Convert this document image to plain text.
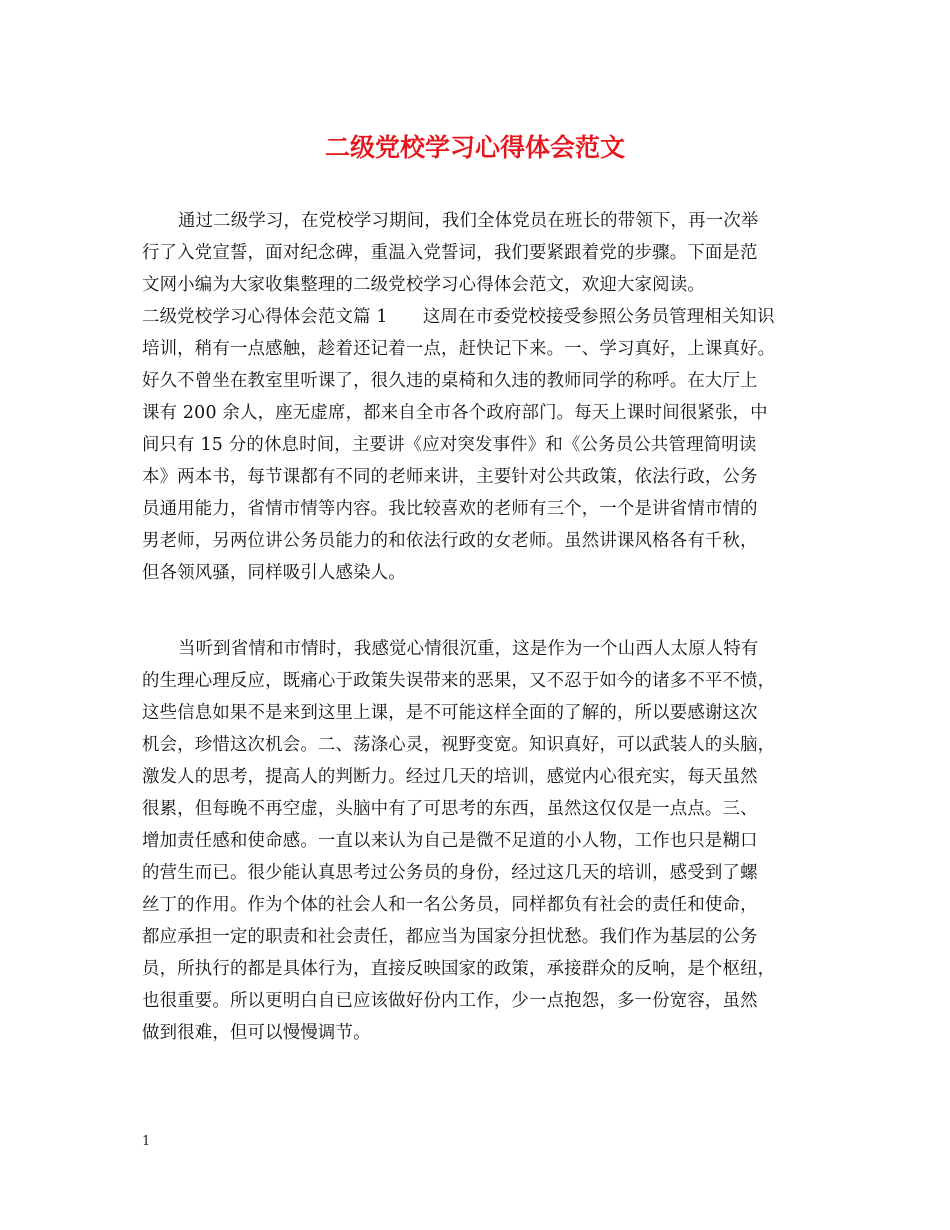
二级党校学习心得体会范文
通过二级学习，在党校学习期间，我们全体党员在班长的带领下，再一次举
行了入党宣誓，面对纪念碑，重温入党誓词，我们要紧跟着党的步骤。下面是范
文网小编为大家收集整理的二级党校学习心得体会范文，欢迎大家阅读。
二级党校学习心得体会范文篇 1　　这周在市委党校接受参照公务员管理相关知识
培训，稍有一点感触，趁着还记着一点，赶快记下来。一、学习真好，上课真好。
好久不曾坐在教室里听课了，很久违的桌椅和久违的教师同学的称呼。在大厅上
课有 200 余人，座无虚席，都来自全市各个政府部门。每天上课时间很紧张，中
间只有 15 分的休息时间，主要讲《应对突发事件》和《公务员公共管理简明读
本》两本书，每节课都有不同的老师来讲，主要针对公共政策，依法行政，公务
员通用能力，省情市情等内容。我比较喜欢的老师有三个，一个是讲省情市情的
男老师，另两位讲公务员能力的和依法行政的女老师。虽然讲课风格各有千秋，
但各领风骚，同样吸引人感染人。
当听到省情和市情时，我感觉心情很沉重，这是作为一个山西人太原人特有
的生理心理反应，既痛心于政策失误带来的恶果，又不忍于如今的诸多不平不愤，
这些信息如果不是来到这里上课，是不可能这样全面的了解的，所以要感谢这次
机会，珍惜这次机会。二、荡涤心灵，视野变宽。知识真好，可以武装人的头脑，
激发人的思考，提高人的判断力。经过几天的培训，感觉内心很充实，每天虽然
很累，但每晚不再空虚，头脑中有了可思考的东西，虽然这仅仅是一点点。三、
增加责任感和使命感。一直以来认为自己是微不足道的小人物，工作也只是糊口
的营生而已。很少能认真思考过公务员的身份，经过这几天的培训，感受到了螺
丝丁的作用。作为个体的社会人和一名公务员，同样都负有社会的责任和使命，
都应承担一定的职责和社会责任，都应当为国家分担忧愁。我们作为基层的公务
员，所执行的都是具体行为，直接反映国家的政策，承接群众的反响，是个枢纽，
也很重要。所以更明白自已应该做好份内工作，少一点抱怨，多一份宽容，虽然
做到很难，但可以慢慢调节。
1
